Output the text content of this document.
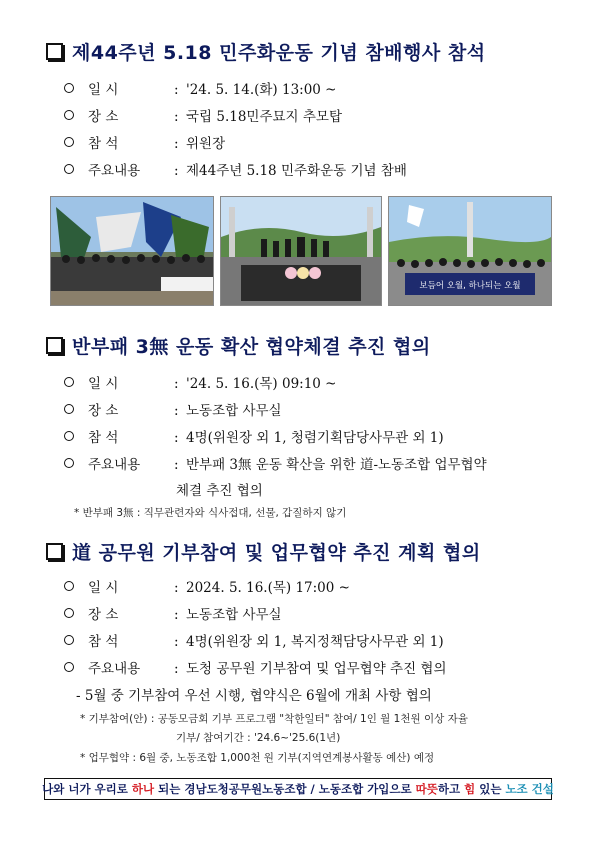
제44주년 5.18 민주화운동 기념 참배행사 참석
일 시	: '24. 5. 14.(화) 13:00 ~
장 소	: 국립 5.18민주묘지 추모탑
참 석	: 위원장
주요내용	: 제44주년 5.18 민주화운동 기념 참배
보듬어 오월, 하나되는 오월
반부패 3無 운동 확산 협약체결 추진 협의
일 시	: '24. 5. 16.(목) 09:10 ~
장 소	: 노동조합 사무실
참 석	: 4명(위원장 외 1, 청렴기획담당사무관 외 1)
주요내용	: 반부패 3無 운동 확산을 위한 道-노동조합 업무협약
체결 추진 협의
* 반부패 3無 : 직무관련자와 식사접대, 선물, 갑질하지 않기
道 공무원 기부참여 및 업무협약 추진 계획 협의
일 시	: 2024. 5. 16.(목) 17:00 ~
장 소	: 노동조합 사무실
참 석	: 4명(위원장 외 1, 복지정책담당사무관 외 1)
주요내용	: 도청 공무원 기부참여 및 업무협약 추진 협의
- 5월 중 기부참여 우선 시행, 협약식은 6월에 개최 사항 협의
* 기부참여(안) : 공동모금회 기부 프로그램 "착한일터" 참여/ 1인 월 1천원 이상 자율
기부/ 참여기간 : '24.6~'25.6(1년)
* 업무협약 : 6월 중, 노동조합 1,000천 원 기부(지역연계봉사활동 예산) 예정
나와 너가 우리로 하나 되는 경남도청공무원노동조합 / 노동조합 가입으로 따뜻 하고 힘 있는 노조 건설
